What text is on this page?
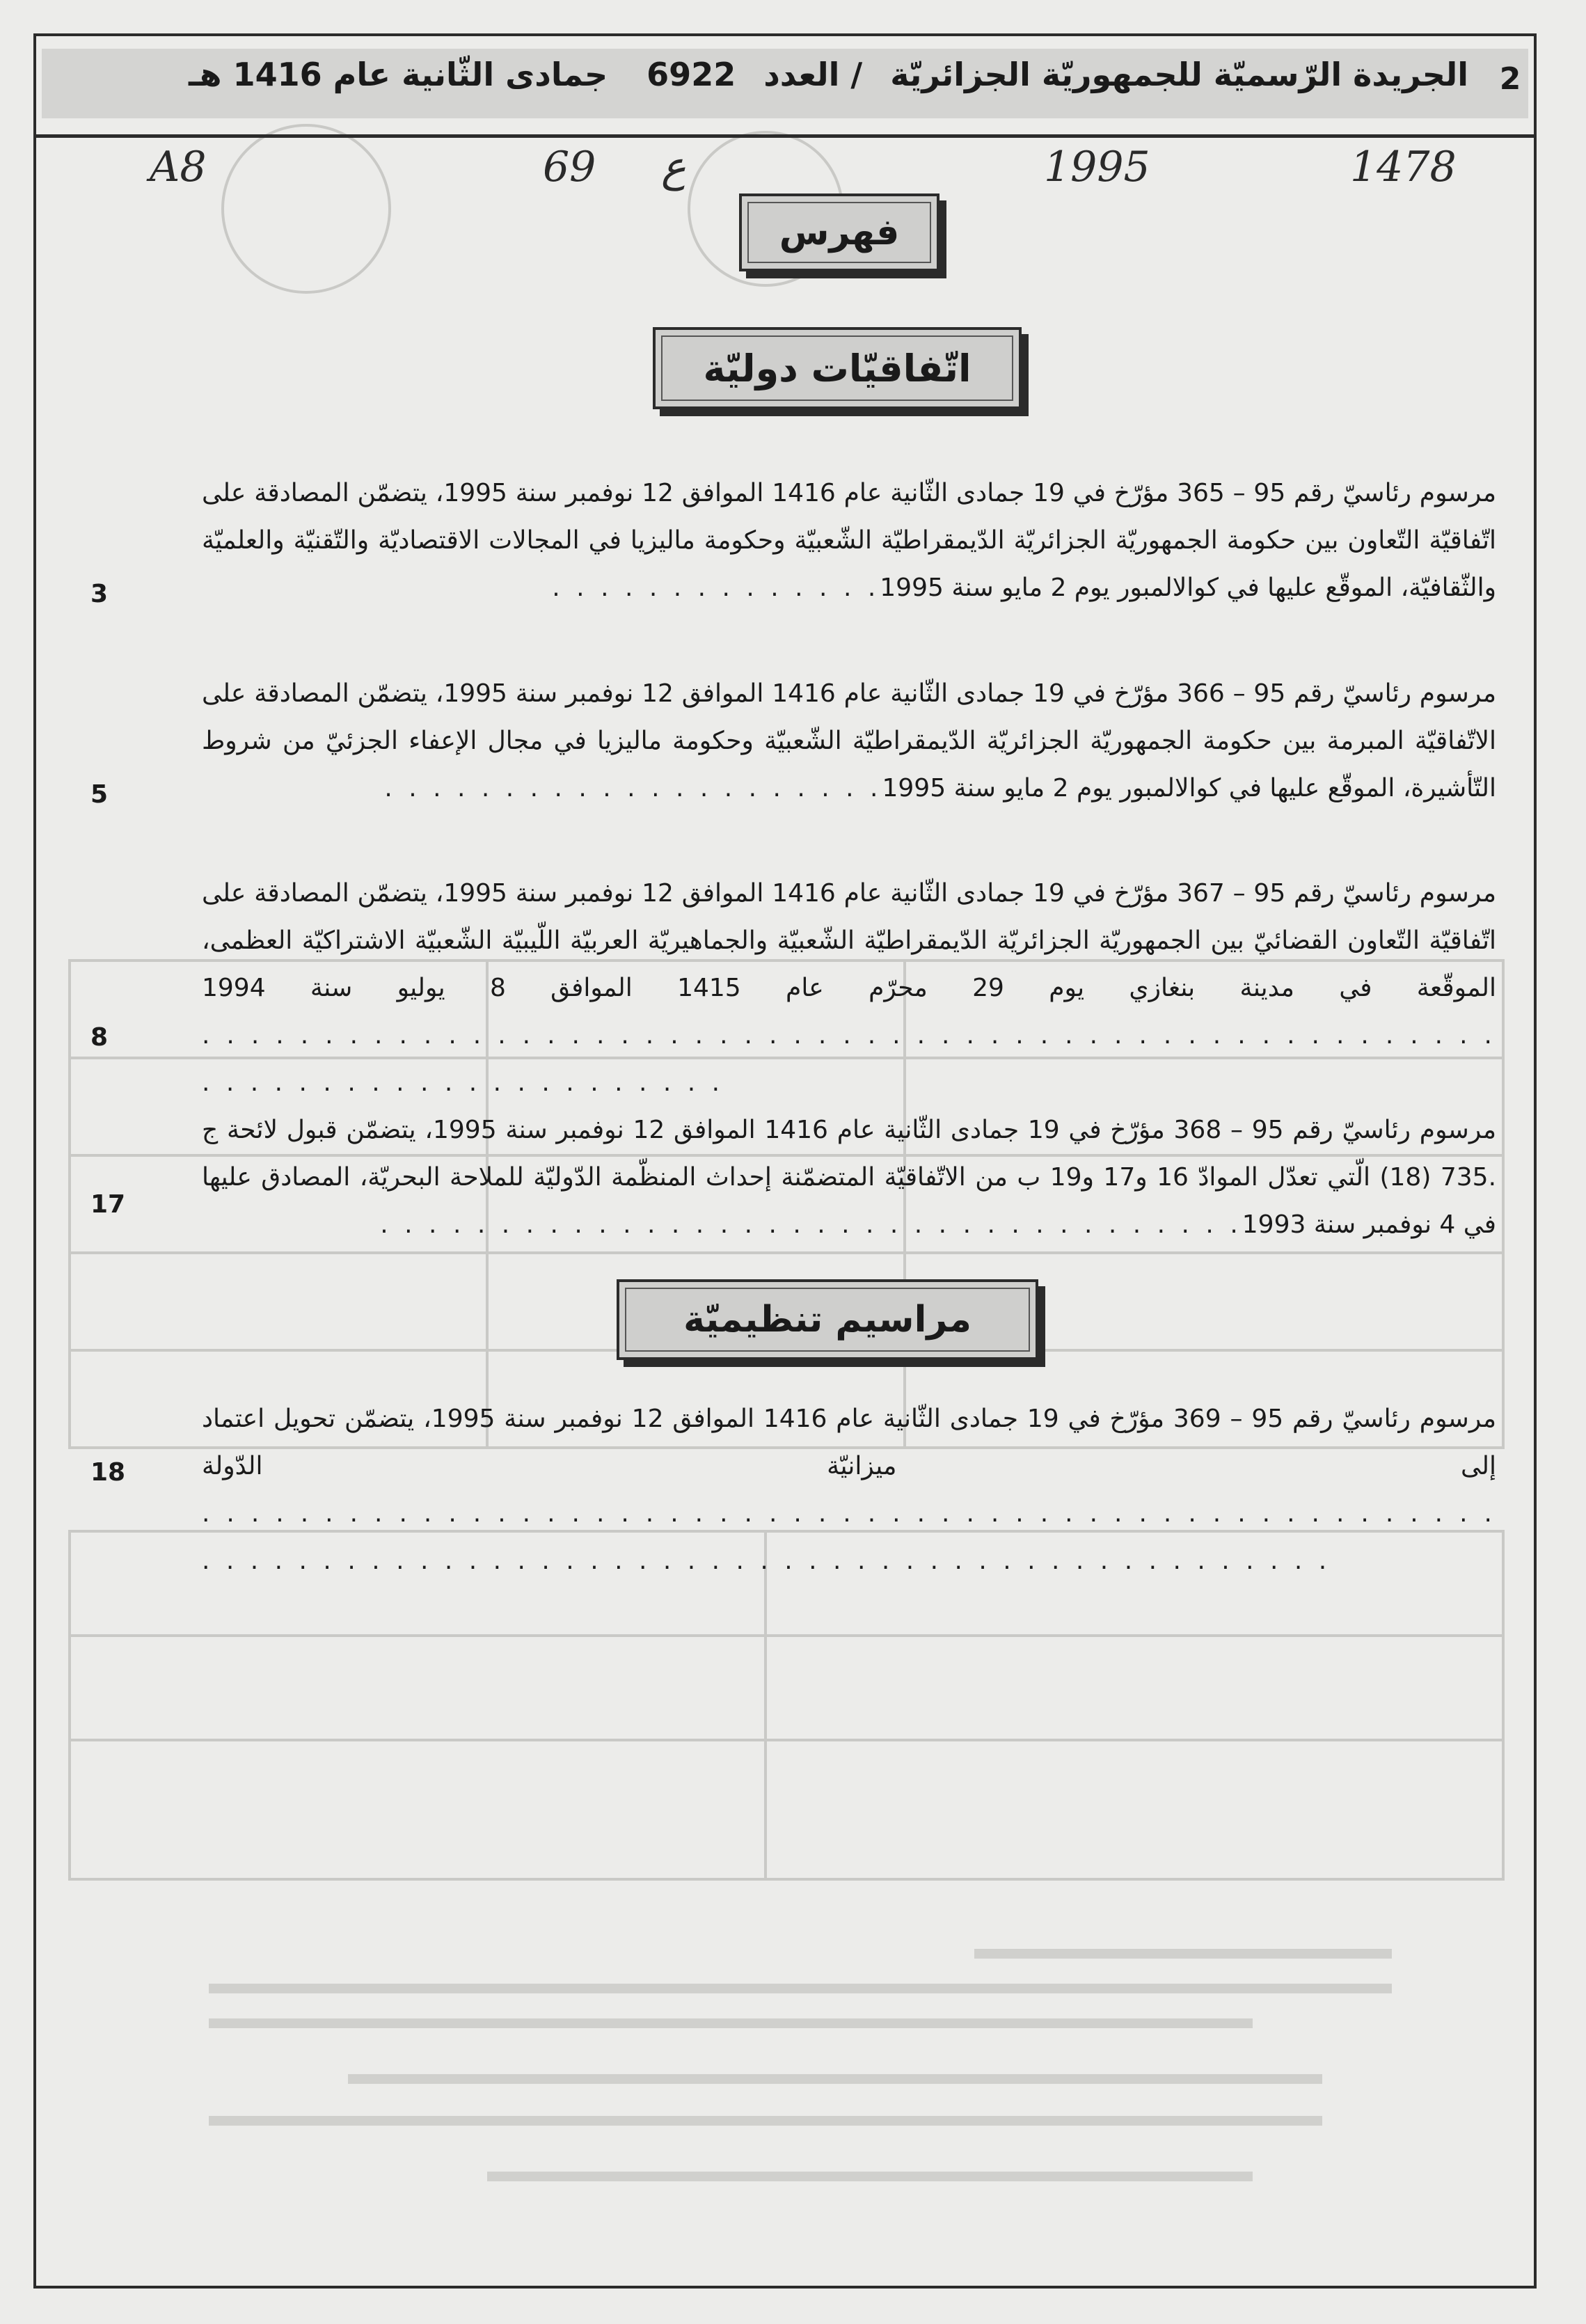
2
الجريدة الرّسميّة للجمهوريّة الجزائريّة/ العدد6922 جمادى الثّانية عام 1416 هـ
1478
1995
ع
69
A8
فهرس
اتّفاقيّات دوليّة
مرسوم رئاسيّ رقم 95 – 365 مؤرّخ في 19 جمادى الثّانية عام 1416 الموافق 12 نوفمبر سنة 1995، يتضمّن المصادقة على اتّفاقيّة التّعاون بين حكومة الجمهوريّة الجزائريّة الدّيمقراطيّة الشّعبيّة وحكومة ماليزيا في المجالات الاقتصاديّة والتّقنيّة والعلميّة والثّقافيّة، الموقّع عليها في كوالالمبور يوم 2 مايو سنة 1995. . . . . . . . . . . . . .
3
مرسوم رئاسيّ رقم 95 – 366 مؤرّخ في 19 جمادى الثّانية عام 1416 الموافق 12 نوفمبر سنة 1995، يتضمّن المصادقة على الاتّفاقيّة المبرمة بين حكومة الجمهوريّة الجزائريّة الدّيمقراطيّة الشّعبيّة وحكومة ماليزيا في مجال الإعفاء الجزئيّ من شروط التّأشيرة، الموقّع عليها في كوالالمبور يوم 2 مايو سنة 1995. . . . . . . . . . . . . . . . . . . . .
5
مرسوم رئاسيّ رقم 95 – 367 مؤرّخ في 19 جمادى الثّانية عام 1416 الموافق 12 نوفمبر سنة 1995، يتضمّن المصادقة على اتّفاقيّة التّعاون القضائيّ بين الجمهوريّة الجزائريّة الدّيمقراطيّة الشّعبيّة والجماهيريّة العربيّة اللّيبيّة الشّعبيّة الاشتراكيّة العظمى، الموقّعة في مدينة بنغازي يوم 29 محرّم عام 1415 الموافق 8 يوليو سنة 1994. . . . . . . . . . . . . . . . . . . . . . . . . . . . . . . . . . . . . . . . . . . . . . . . . . . . . . . . . . . . . . . . . . . . . . . . . . .
8
مرسوم رئاسيّ رقم 95 – 368 مؤرّخ في 19 جمادى الثّانية عام 1416 الموافق 12 نوفمبر سنة 1995، يتضمّن قبول لائحة ج .735 (18) الّتي تعدّل الموادّ 16 و17 و19 ب من الاتّفاقيّة المتضمّنة إحداث المنظّمة الدّوليّة للملاحة البحريّة، المصادق عليها في 4 نوفمبر سنة 1993. . . . . . . . . . . . . . . . . . . . . . . . . . . . . . . . . . . .
17
مراسيم تنظيميّة
مرسوم رئاسيّ رقم 95 – 369 مؤرّخ في 19 جمادى الثّانية عام 1416 الموافق 12 نوفمبر سنة 1995، يتضمّن تحويل اعتماد إلى ميزانيّة الدّولة. . . . . . . . . . . . . . . . . . . . . . . . . . . . . . . . . . . . . . . . . . . . . . . . . . . . . . . . . . . . . . . . . . . . . . . . . . . . . . . . . . . . . . . . . . . . . . . . . . . .
18
